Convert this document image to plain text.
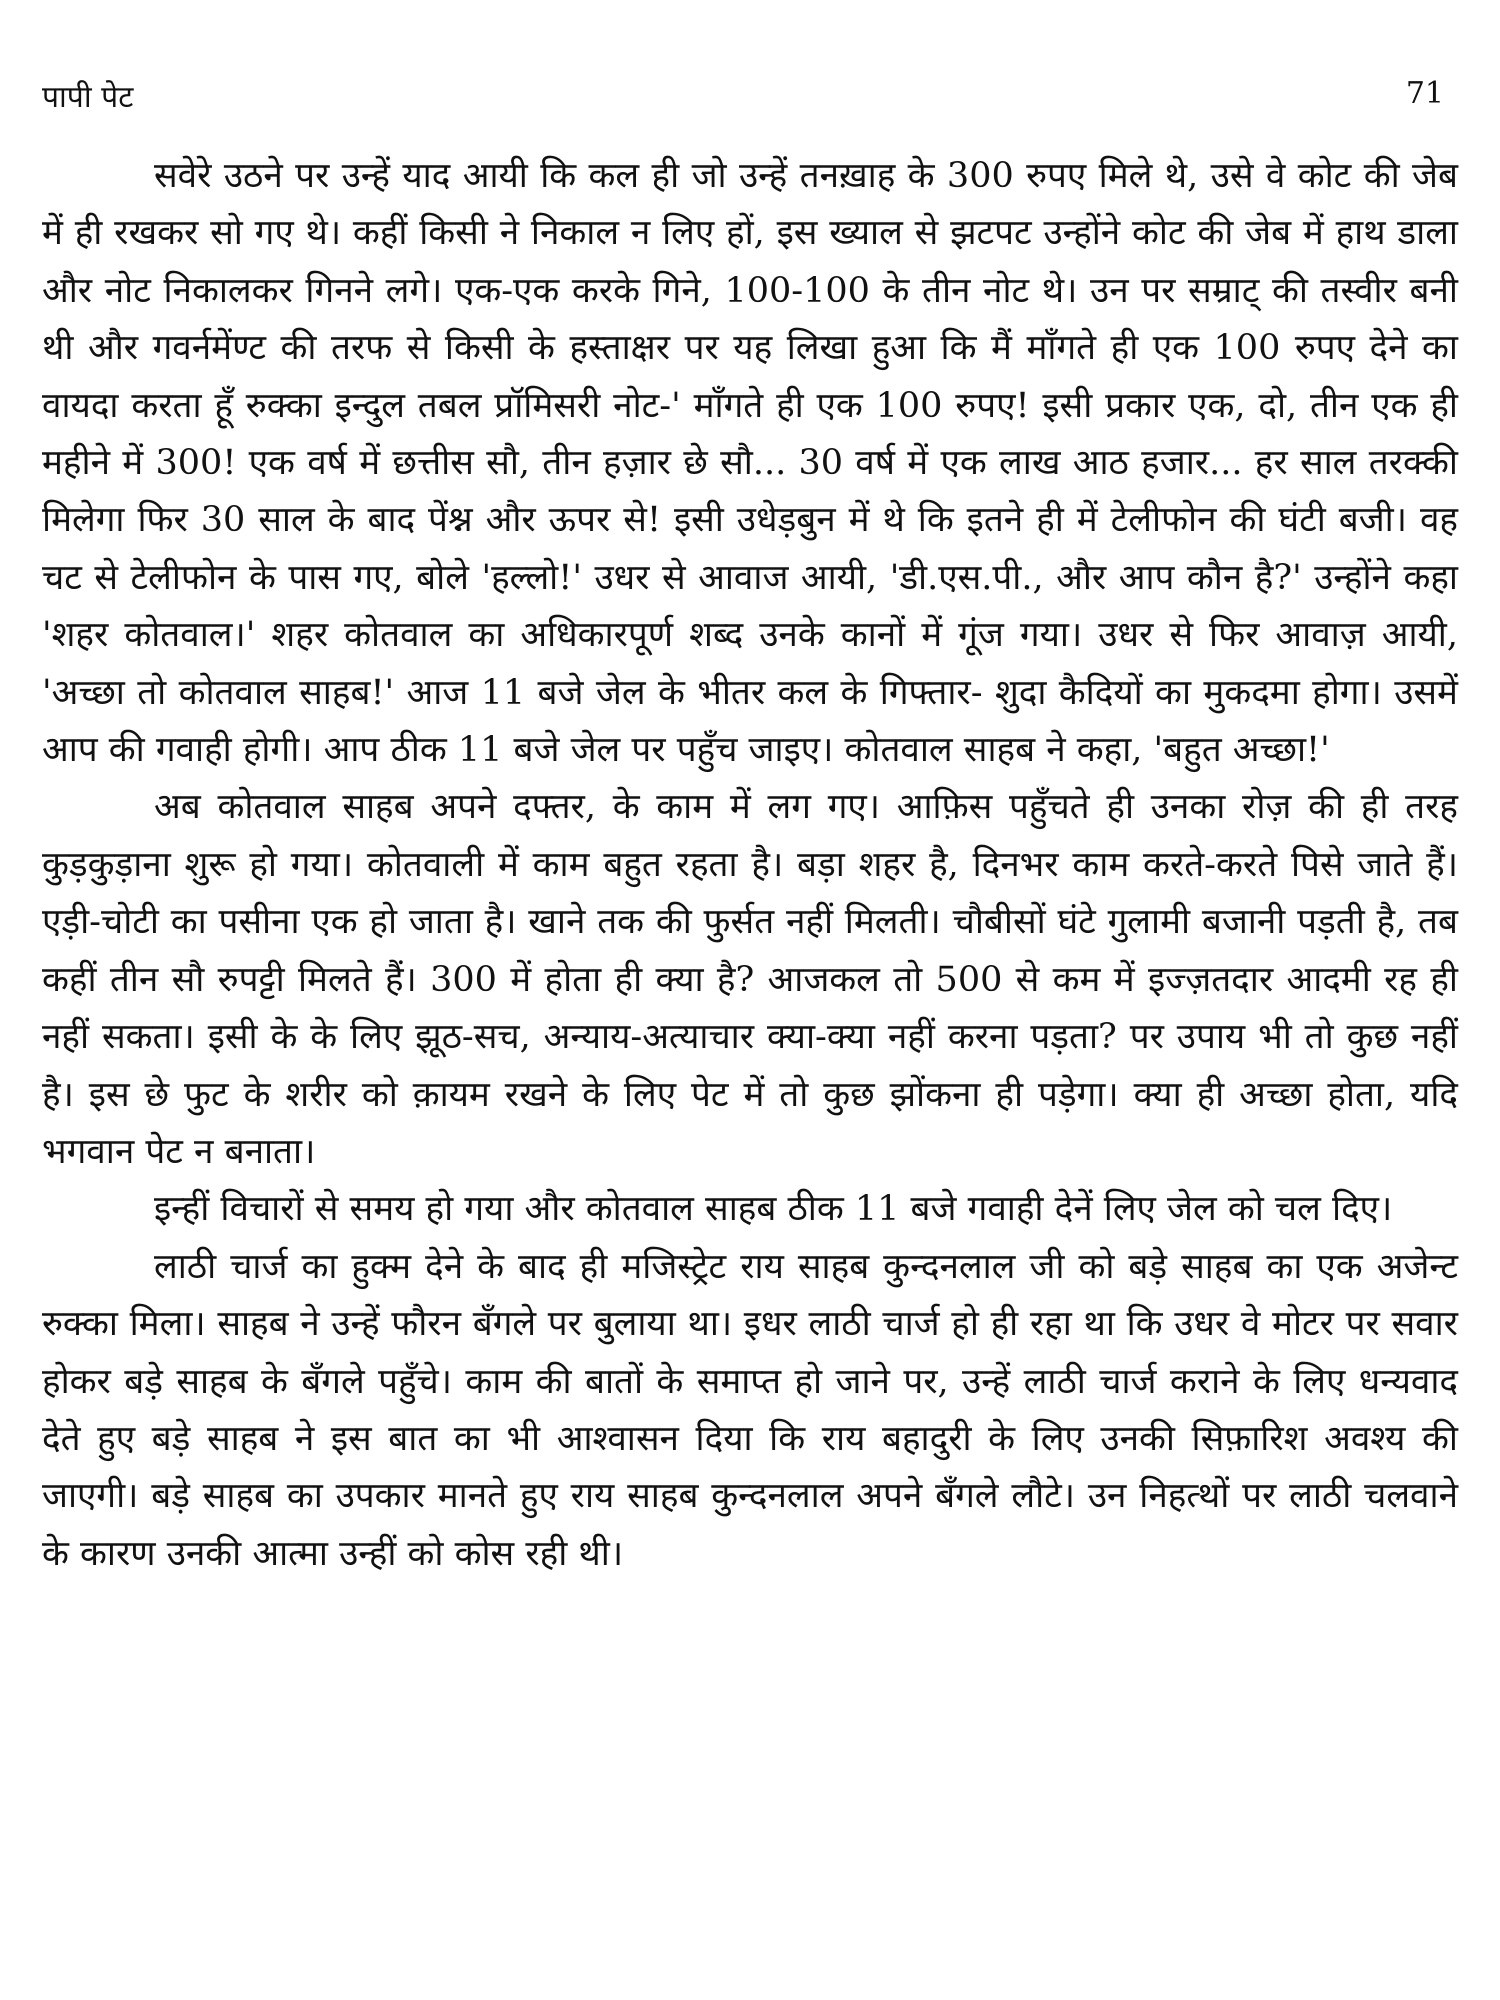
पापी पेट	71

सवेरे उठने पर उन्हें याद आयी कि कल ही जो उन्हें तनख़ाह के 300 रुपए मिले थे, उसे वे कोट की जेब में ही रखकर सो गए थे। कहीं किसी ने निकाल न लिए हों, इस ख्याल से झटपट उन्होंने कोट की जेब में हाथ डाला और नोट निकालकर गिनने लगे। एक-एक करके गिने, 100-100 के तीन नोट थे। उन पर सम्राट् की तस्वीर बनी थी और गवर्नमेंण्ट की तरफ से किसी के हस्ताक्षर पर यह लिखा हुआ कि मैं माँगते ही एक 100 रुपए देने का वायदा करता हूँ रुक्का इन्दुल तबल प्रॉमिसरी नोट-' माँगते ही एक 100 रुपए! इसी प्रकार एक, दो, तीन एक ही महीने में 300! एक वर्ष में छत्तीस सौ, तीन हज़ार छे सौ... 30 वर्ष में एक लाख आठ हजार... हर साल तरक्की मिलेगा फिर 30 साल के बाद पेंश्न और ऊपर से! इसी उधेड़बुन में थे कि इतने ही में टेलीफोन की घंटी बजी। वह चट से टेलीफोन के पास गए, बोले 'हल्लो!' उधर से आवाज आयी, 'डी.एस.पी., और आप कौन है?' उन्होंने कहा 'शहर कोतवाल।' शहर कोतवाल का अधिकारपूर्ण शब्द उनके कानों में गूंज गया। उधर से फिर आवाज़ आयी, 'अच्छा तो कोतवाल साहब!' आज 11 बजे जेल के भीतर कल के गिफ्तार- शुदा कैदियों का मुकदमा होगा। उसमें आप की गवाही होगी। आप ठीक 11 बजे जेल पर पहुँच जाइए। कोतवाल साहब ने कहा, 'बहुत अच्छा!'

अब कोतवाल साहब अपने दफ्तर, के काम में लग गए। आफ़िस पहुँचते ही उनका रोज़ की ही तरह कुड़कुड़ाना शुरू हो गया। कोतवाली में काम बहुत रहता है। बड़ा शहर है, दिनभर काम करते-करते पिसे जाते हैं। एड़ी-चोटी का पसीना एक हो जाता है। खाने तक की फुर्सत नहीं मिलती। चौबीसों घंटे गुलामी बजानी पड़ती है, तब कहीं तीन सौ रुपट्टी मिलते हैं। 300 में होता ही क्या है? आजकल तो 500 से कम में इज्ज़तदार आदमी रह ही नहीं सकता। इसी के के लिए झूठ-सच, अन्याय-अत्याचार क्या-क्या नहीं करना पड़ता? पर उपाय भी तो कुछ नहीं है। इस छे फुट के शरीर को क़ायम रखने के लिए पेट में तो कुछ झोंकना ही पड़ेगा। क्या ही अच्छा होता, यदि भगवान पेट न बनाता।

इन्हीं विचारों से समय हो गया और कोतवाल साहब ठीक 11 बजे गवाही देनें लिए जेल को चल दिए।

लाठी चार्ज का हुक्म देने के बाद ही मजिस्ट्रेट राय साहब कुन्दनलाल जी को बड़े साहब का एक अजेन्ट रुक्का मिला। साहब ने उन्हें फौरन बँगले पर बुलाया था। इधर लाठी चार्ज हो ही रहा था कि उधर वे मोटर पर सवार होकर बड़े साहब के बँगले पहुँचे। काम की बातों के समाप्त हो जाने पर, उन्हें लाठी चार्ज कराने के लिए धन्यवाद देते हुए बड़े साहब ने इस बात का भी आश्वासन दिया कि राय बहादुरी के लिए उनकी सिफ़ारिश अवश्य की जाएगी। बड़े साहब का उपकार मानते हुए राय साहब कुन्दनलाल अपने बँगले लौटे। उन निहत्थों पर लाठी चलवाने के कारण उनकी आत्मा उन्हीं को कोस रही थी।
